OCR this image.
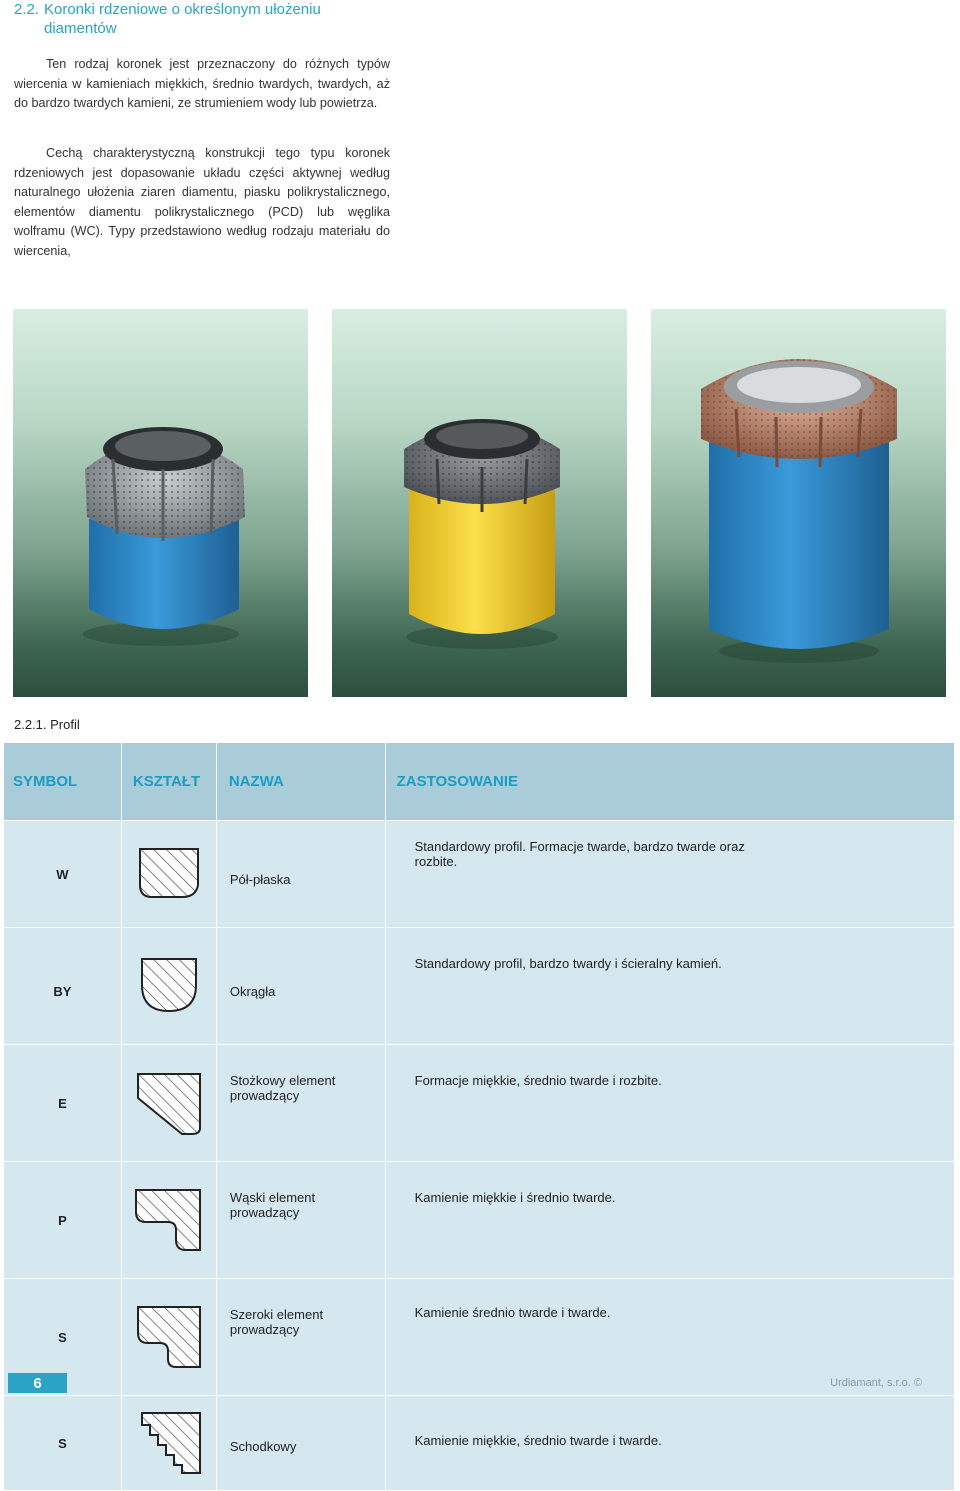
2.2. Koronki rdzeniowe o określonym ułożeniu
diamentów

Ten rodzaj koronek jest przeznaczony do różnych typów wiercenia w kamieniach miękkich, średnio twardych, twardych, aż do bardzo twardych kamieni, ze strumieniem wody lub powietrza.

Cechą charakterystyczną konstrukcji tego typu koronek rdzeniowych jest dopasowanie układu części aktywnej według naturalnego ułożenia ziaren diamentu, piasku polikrystalicznego, elementów diamentu polikrystalicznego (PCD) lub węglika wolframu (WC). Typy przedstawiono według rodzaju materiału do wiercenia,

2.2.1. Profil
SYMBOL	KSZTAŁT	NAZWA	ZASTOSOWANIE
W		Pół-płaska	Standardowy profil. Formacje twarde, bardzo twarde oraz rozbite.
BY		Okrągła	Standardowy profil, bardzo twardy i ścieralny kamień.
E		Stożkowy element prowadzący	Formacje miękkie, średnio twarde i rozbite.
P		Wąski element prowadzący	Kamienie miękkie i średnio twarde.
S		Szeroki element prowadzący	Kamienie średnio twarde i twarde.
S		Schodkowy	Kamienie miękkie, średnio twarde i twarde.
6	Urdiamant, s.r.o. ©
